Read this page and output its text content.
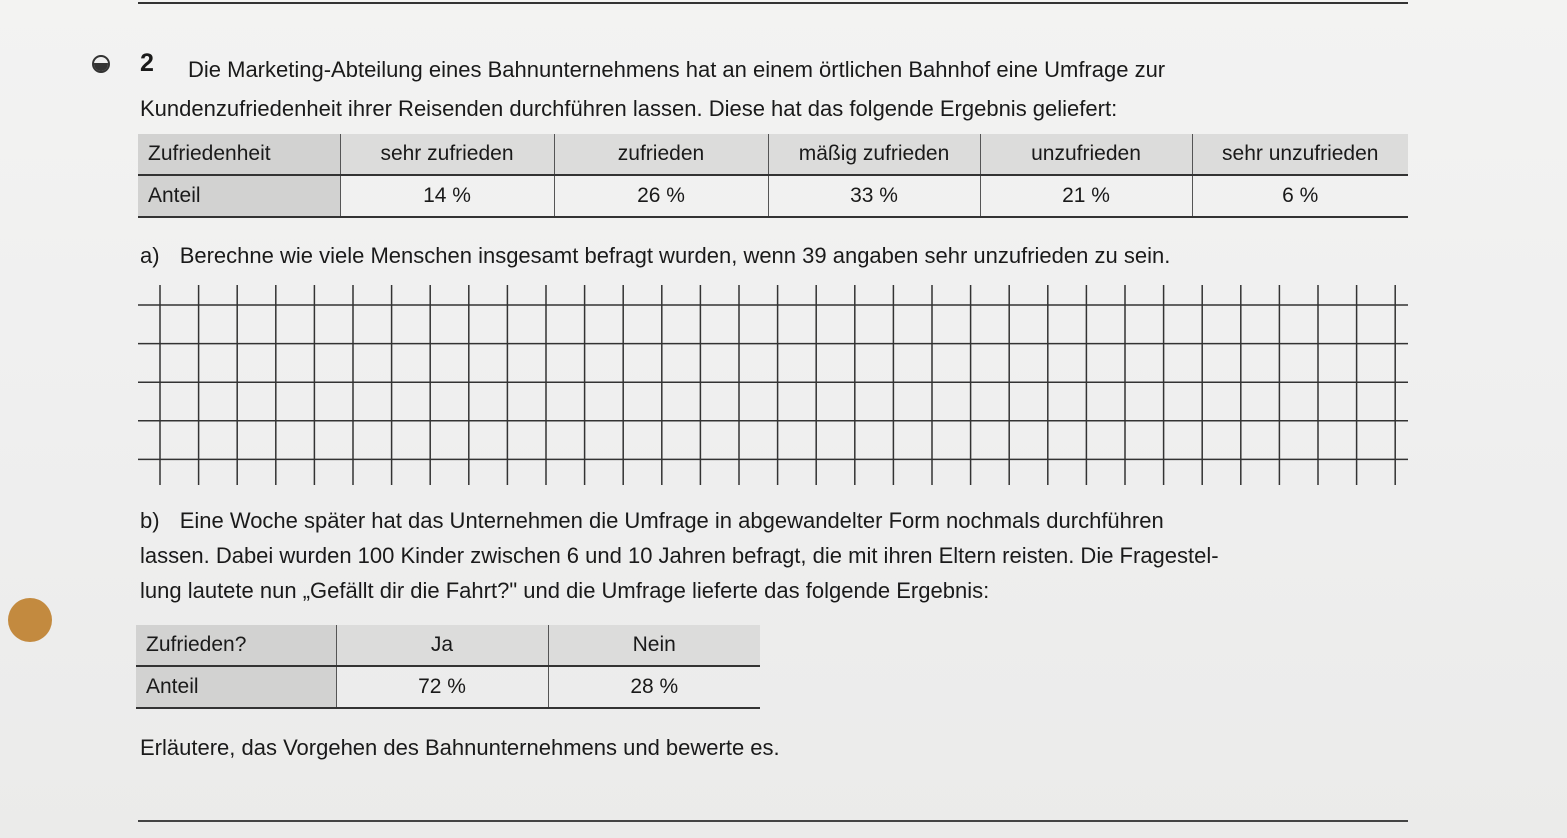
2	Die Marketing-Abteilung eines Bahnunternehmens hat an einem örtlichen Bahnhof eine Umfrage zur
Kundenzufriedenheit ihrer Reisenden durchführen lassen. Diese hat das folgende Ergebnis geliefert:
Zufriedenheit	sehr zufrieden	zufrieden	mäßig zufrieden	unzufrieden	sehr unzufrieden
Anteil	14 %	26 %	33 %	21 %	6 %
a) Berechne wie viele Menschen insgesamt befragt wurden, wenn 39 angaben sehr unzufrieden zu sein.
b) Eine Woche später hat das Unternehmen die Umfrage in abgewandelter Form nochmals durchführen
lassen. Dabei wurden 100 Kinder zwischen 6 und 10 Jahren befragt, die mit ihren Eltern reisten. Die Fragestel-
lung lautete nun „Gefällt dir die Fahrt?" und die Umfrage lieferte das folgende Ergebnis:
Zufrieden?	Ja	Nein
Anteil	72 %	28 %
Erläutere, das Vorgehen des Bahnunternehmens und bewerte es.
